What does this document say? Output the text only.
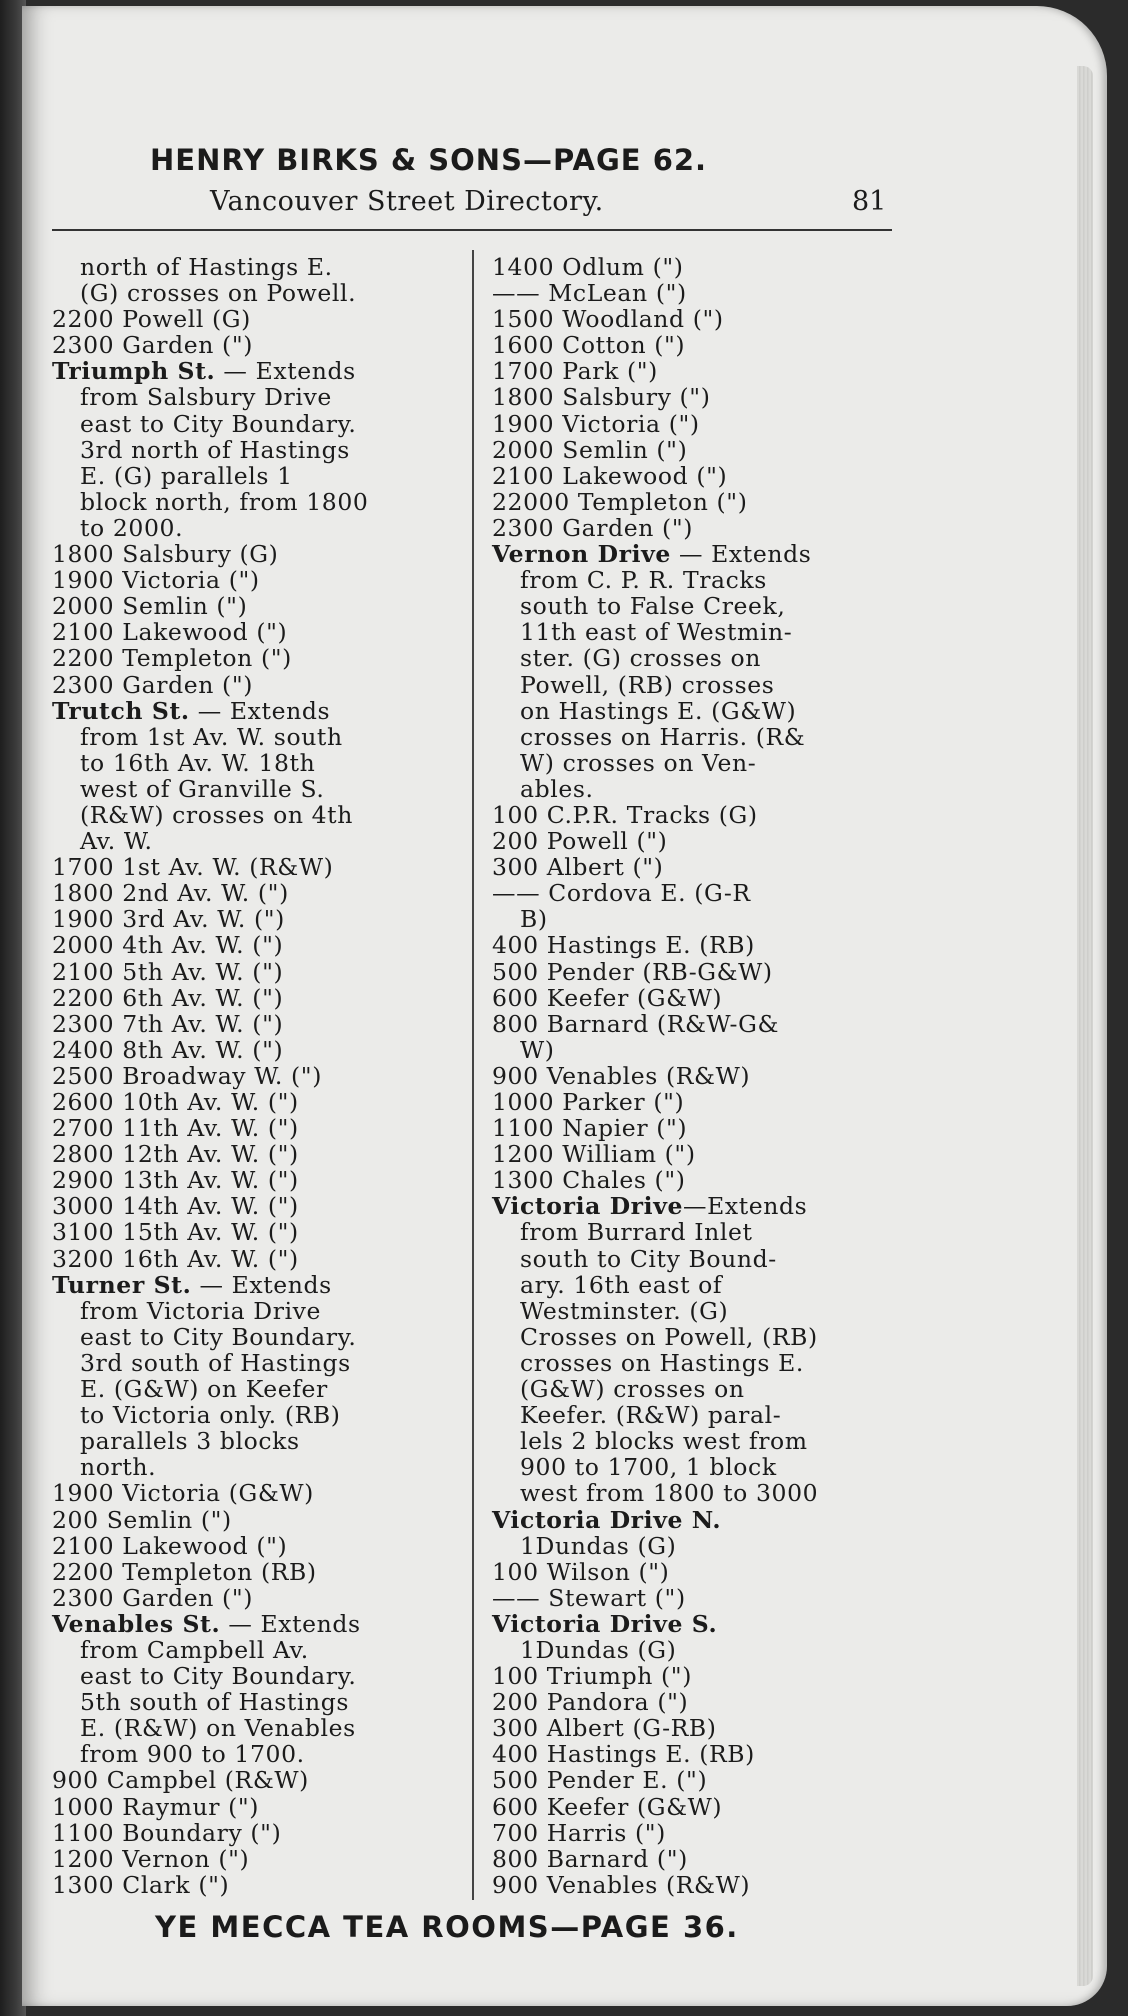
HENRY BIRKS & SONS—PAGE 62.
Vancouver Street Directory.	81
north of Hastings E.
(G) crosses on Powell.
2200 Powell (G)
2300 Garden (")
Triumph St. — Extends
from Salsbury Drive
east to City Boundary.
3rd north of Hastings
E. (G) parallels 1
block north, from 1800
to 2000.
1800 Salsbury (G)
1900 Victoria (")
2000 Semlin (")
2100 Lakewood (")
2200 Templeton (")
2300 Garden (")
Trutch St. — Extends
from 1st Av. W. south
to 16th Av. W. 18th
west of Granville S.
(R&W) crosses on 4th
Av. W.
1700 1st Av. W. (R&W)
1800 2nd Av. W. (")
1900 3rd Av. W. (")
2000 4th Av. W. (")
2100 5th Av. W. (")
2200 6th Av. W. (")
2300 7th Av. W. (")
2400 8th Av. W. (")
2500 Broadway W. (")
2600 10th Av. W. (")
2700 11th Av. W. (")
2800 12th Av. W. (")
2900 13th Av. W. (")
3000 14th Av. W. (")
3100 15th Av. W. (")
3200 16th Av. W. (")
Turner St. — Extends
from Victoria Drive
east to City Boundary.
3rd south of Hastings
E. (G&W) on Keefer
to Victoria only. (RB)
parallels 3 blocks
north.
1900 Victoria (G&W)
200 Semlin (")
2100 Lakewood (")
2200 Templeton (RB)
2300 Garden (")
Venables St. — Extends
from Campbell Av.
east to City Boundary.
5th south of Hastings
E. (R&W) on Venables
from 900 to 1700.
900 Campbel (R&W)
1000 Raymur (")
1100 Boundary (")
1200 Vernon (")
1300 Clark (")
1400 Odlum (")
—— McLean (")
1500 Woodland (")
1600 Cotton (")
1700 Park (")
1800 Salsbury (")
1900 Victoria (")
2000 Semlin (")
2100 Lakewood (")
22000 Templeton (")
2300 Garden (")
Vernon Drive — Extends
from C. P. R. Tracks
south to False Creek,
11th east of Westmin-
ster. (G) crosses on
Powell, (RB) crosses
on Hastings E. (G&W)
crosses on Harris. (R&
W) crosses on Ven-
ables.
100 C.P.R. Tracks (G)
200 Powell (")
300 Albert (")
—— Cordova E. (G-R
B)
400 Hastings E. (RB)
500 Pender (RB-G&W)
600 Keefer (G&W)
800 Barnard (R&W-G&
W)
900 Venables (R&W)
1000 Parker (")
1100 Napier (")
1200 William (")
1300 Chales (")
Victoria Drive—Extends
from Burrard Inlet
south to City Bound-
ary. 16th east of
Westminster. (G)
Crosses on Powell, (RB)
crosses on Hastings E.
(G&W) crosses on
Keefer. (R&W) paral-
lels 2 blocks west from
900 to 1700, 1 block
west from 1800 to 3000
Victoria Drive N.
1Dundas (G)
100 Wilson (")
—— Stewart (")
Victoria Drive S.
1Dundas (G)
100 Triumph (")
200 Pandora (")
300 Albert (G-RB)
400 Hastings E. (RB)
500 Pender E. (")
600 Keefer (G&W)
700 Harris (")
800 Barnard (")
900 Venables (R&W)
YE MECCA TEA ROOMS—PAGE 36.
